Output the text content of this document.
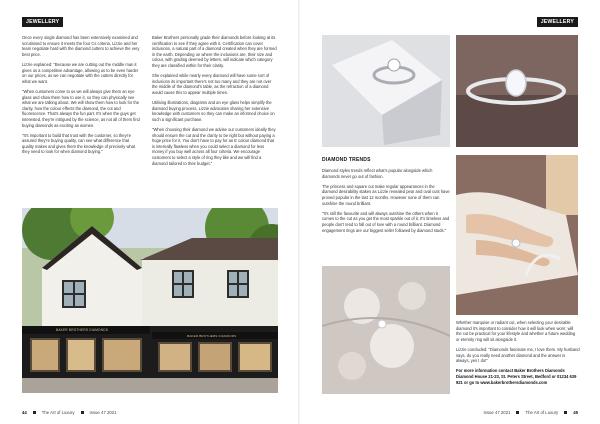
JEWELLERY

Once every single diamond has been extensively examined and scrutinised to ensure it meets the four Cs criteria, Lizzie and her team negotiate hard with the diamond cutters to achieve the very best price.

Lizzie explained: "Because we are cutting out the middle man it gives us a competitive advantage, allowing us to be even harder on our prices, as we can negotiate with the cutters directly for what we want.

"When customers come to us we will always give them an eye glass and show them how to use it, so they can physically see what we are talking about. We will show them how to look for the clarity, how the colour effects the diamond, the cut and fluorescence. That's always the fun part. It's when the guys get interested, they're intrigued by the science, as not all of them find buying diamonds as exciting as women.

"It's important to build that trust with the customer, so they're assured they're buying quality, can see what difference that quality makes and gives them the knowledge of precisely what they need to look for when diamond buying."

Baker Brothers personally grade their diamonds before looking at its certification to see if they agree with it. Certification can cover inclusions, a natural part of a diamond created when they are formed in the earth. Depending on where the inclusions are, their size and colour, with grading deemed by letters, will indicate which category they are classified within for their clarity.

She explained while nearly every diamond will have some sort of inclusions its important there's not too many and they are not over the middle of the diamond's table, as the refraction of a diamond would cause this to appear multiple times.

Utilising illustrations, diagrams and an eye glass helps simplify the diamond buying process. Lizzie advocates sharing her extensive knowledge with customers so they can make an informed choice on such a significant purchase.

"When choosing their diamond we advise our customers ideally they should ensure the cut and the clarity to be right but without paying a huge price for it. You don't have to pay for an E colour diamond that is internally flawless when you could select a diamond for less money if you buy well across all four criteria. We encourage customers to select a style of ring they like and we will find a diamond tailored to their budget."

BAKER BROTHERS DIAMONDS
BAKER BROTHERS DIAMONDS
44	The Art of Luxury	Issue 47 2021
JEWELLERY
DIAMOND TRENDS

Diamond styles trends reflect what's popular alongside which diamonds never go out of fashion.

The princess and square cut make regular appearances in the diamond desirability stakes as Lizzie revealed pear and oval cuts have proved popular in the last 12 months. However none of them can outshine the round brilliant.

"It's still the favourite and will always outshine the others when it comes to the cut as you get the most sparkle out of it. It's timeless and people don't tend to fall out of love with a round brilliant. Diamond engagement rings are our biggest seller followed by diamond studs."

Whether marquise or radiant cut, when selecting your desirable diamond it's important to consider how it will look when worn; will the cut be practical for your lifestyle and whether a future wedding or eternity ring will sit alongside it.

Lizzie concluded: "Diamonds fascinate me, I love them. My husband says, do you really need another diamond and the answer is always, yes I do!"

For more information contact Baker Brothers Diamonds Diamond House 21-23, St. Peters Street, Bedford or 01234 639 921 or go to www.bakerbrothersdiamonds.com

Issue 47 2021	The Art of Luxury	45
